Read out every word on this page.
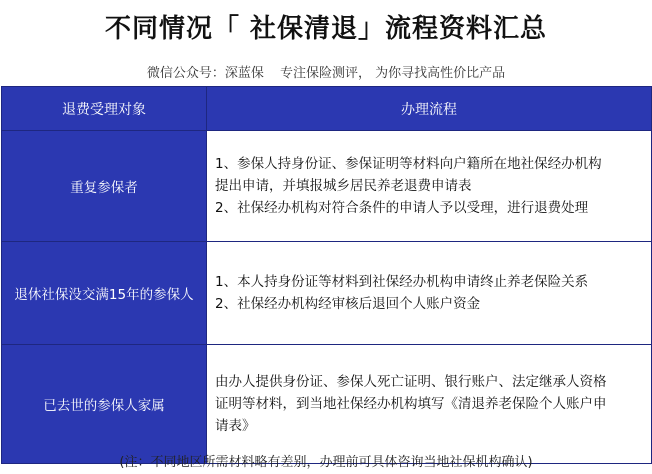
不同情况「 社保清退」流程资料汇总
微信公众号：深蓝保 专注保险测评， 为你寻找高性价比产品
退费受理对象	办理流程
重复参保者	1、参保人持身份证、参保证明等材料向户籍所在地社保经办机构
提出申请，并填报城乡居民养老退费申请表
2、社保经办机构对符合条件的申请人予以受理，进行退费处理

退休社保没交满15年的参保人	1、本人持身份证等材料到社保经办机构申请终止养老保险关系
2、社保经办机构经审核后退回个人账户资金

已去世的参保人家属	由办人提供身份证、参保人死亡证明、银行账户、法定继承人资格
证明等材料，到当地社保经办机构填写《清退养老保险个人账户申
请表》
(注：不同地区所需材料略有差别，办理前可具体咨询当地社保机构确认)
